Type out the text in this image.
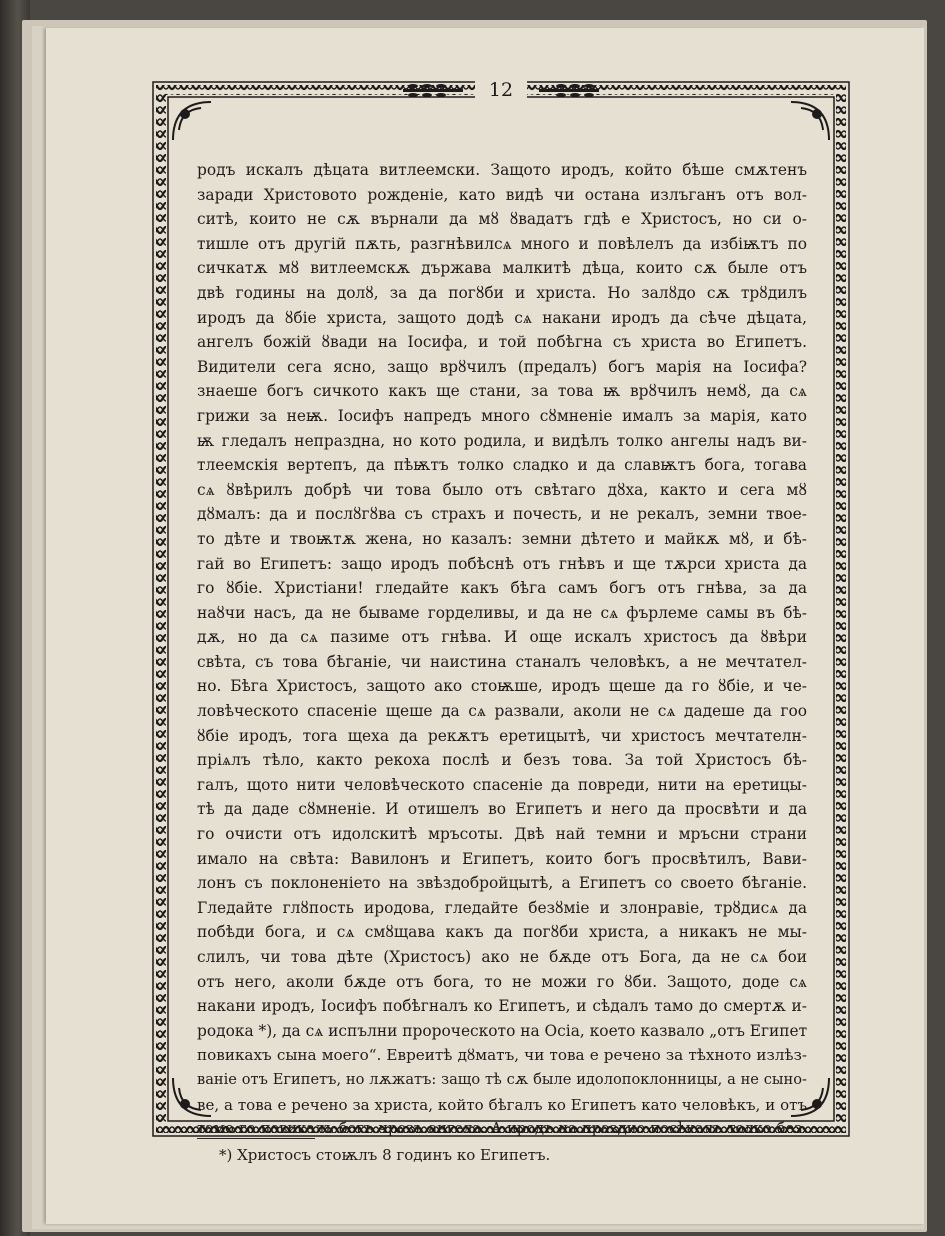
12
родъ искалъ дѣцата витлеемски. Защото иродъ, който бѣше смѫтенъ
заради Христовото рожденіе, като видѣ чи остана излъганъ отъ вол-
ситѣ, които не сѫ върнали да мȣ ȣвадатъ гдѣ е Христосъ, но си о-
тишле отъ другій пѫть, разгнѣвилсѧ много и повѣлелъ да избіѭтъ по
сичкатѫ мȣ витлеемскѫ държава малкитѣ дѣца, които сѫ быле отъ
двѣ годины на долȣ, за да погȣби и христа. Но залȣдо сѫ трȣдилъ
иродъ да ȣбіе христа, защото додѣ сѧ накани иродъ да сѣче дѣцата,
ангелъ божій ȣвади на Іосифа, и той побѣгна съ христа во Египетъ.
Видители сега ясно, защо врȣчилъ (предалъ) богъ марія на Іосифа?
знаеше богъ сичкото какъ ще стани, за това ѭ врȣчилъ немȣ, да сѧ
грижи за неѭ. Іосифъ напредъ много сȣмненіе ималъ за марія, като
ѭ гледалъ непраздна, но кото родила, и видѣлъ толко ангелы надъ ви-
тлеемскія вертепъ, да пѣѭтъ толко сладко и да славѭтъ бога, тогава
сѧ ȣвѣрилъ добрѣ чи това было отъ свѣтаго дȣха, както и сега мȣ
дȣмалъ: да и послȣгȣва съ страхъ и почесть, и не рекалъ, земни твое-
то дѣте и твоѭтѫ жена, но казалъ: земни дѣтето и майкѫ мȣ, и бѣ-
гай во Египетъ: защо иродъ побѣснѣ отъ гнѣвъ и ще тѫрси христа да
го ȣбіе. Христіани! гледайте какъ бѣга самъ богъ отъ гнѣва, за да
наȣчи насъ, да не бываме горделивы, и да не сѧ фърлеме самы въ бѣ-
дѫ, но да сѧ пазиме отъ гнѣва. И още искалъ христосъ да ȣвѣри
свѣта, съ това бѣганіе, чи наистина станалъ человѣкъ, а не мечтател-
но. Бѣга Христосъ, защото ако стоѭше, иродъ щеше да го ȣбіе, и че-
ловѣческото спасеніе щеше да сѧ развали, аколи не сѧ дадеше да гоо
ȣбіе иродъ, тога щеха да рекѫтъ еретицытѣ, чи христосъ мечтателн-
пріѧлъ тѣло, както рекоха послѣ и безъ това. За той Христосъ бѣ-
галъ, щото нити человѣческото спасеніе да повреди, нити на еретицы-
тѣ да даде сȣмненіе. И отишелъ во Египетъ и него да просвѣти и да
го очисти отъ идолскитѣ мръсоты. Двѣ най темни и мръсни страни
имало на свѣта: Вавилонъ и Египетъ, които богъ просвѣтилъ, Вави-
лонъ съ поклоненіето на звѣздобройцытѣ, а Египетъ со своето бѣганіе.
Гледайте глȣпость иродова, гледайте безȣміе и злонравіе, трȣдисѧ да
побѣди бога, и сѧ смȣщава какъ да погȣби христа, а никакъ не мы-
слилъ, чи това дѣте (Христосъ) ако не бѫде отъ Бога, да не сѧ бои
отъ него, аколи бѫде отъ бога, то не можи го ȣби. Защото, доде сѧ
накани иродъ, Іосифъ побѣгналъ ко Египетъ, и сѣдалъ тамо до смертѫ и-
родока *), да сѧ испълни пророческото на Осіа, което казвало „отъ Египет
повикахъ сына моего“. Евреитѣ дȣматъ, чи това е речено за тѣхното излѣз-
ваніе отъ Египетъ, но лѫжатъ: защо тѣ сѫ быле идолопоклонницы, а не сыно-
ве, а това е речено за христа, който бѣгалъ ко Египетъ като человѣкъ, и отъ
тамо го повикалъ богъ чрезъ ангела. А иродъ на праздно посѣкалъ толко без-
*) Христосъ стоѭлъ 8 годинъ ко Египетъ.
